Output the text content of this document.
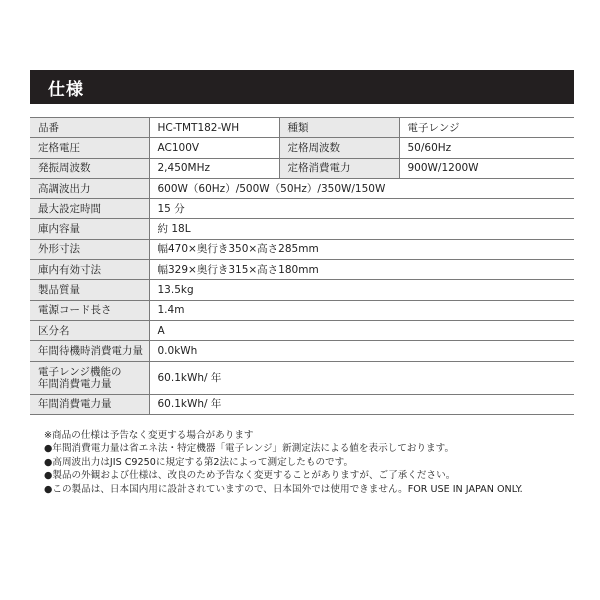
仕様
品番	HC-TMT182-WH	種類	電子レンジ
定格電圧	AC100V	定格周波数	50/60Hz
発振周波数	2,450MHz	定格消費電力	900W/1200W
高調波出力	600W（60Hz）/500W（50Hz）/350W/150W		
最大設定時間	15 分		
庫内容量	約 18L		
外形寸法	幅470×奥行き350×高さ285mm		
庫内有効寸法	幅329×奥行き315×高さ180mm		
製品質量	13.5kg		
電源コード長さ	1.4m		
区分名	A		
年間待機時消費電力量	0.0kWh		

電子レンジ機能の
年間消費電力量	60.1kWh/ 年		
年間消費電力量	60.1kWh/ 年		
※商品の仕様は予告なく変更する場合があります
●年間消費電力量は省エネ法・特定機器「電子レンジ」新測定法による値を表示しております。
●高周波出力はJIS C9250に規定する第2法によって測定したものです。
●製品の外観および仕様は、改良のため予告なく変更することがありますが、ご了承ください。
●この製品は、日本国内用に設計されていますので、日本国外では使用できません。FOR USE IN JAPAN ONLY.
